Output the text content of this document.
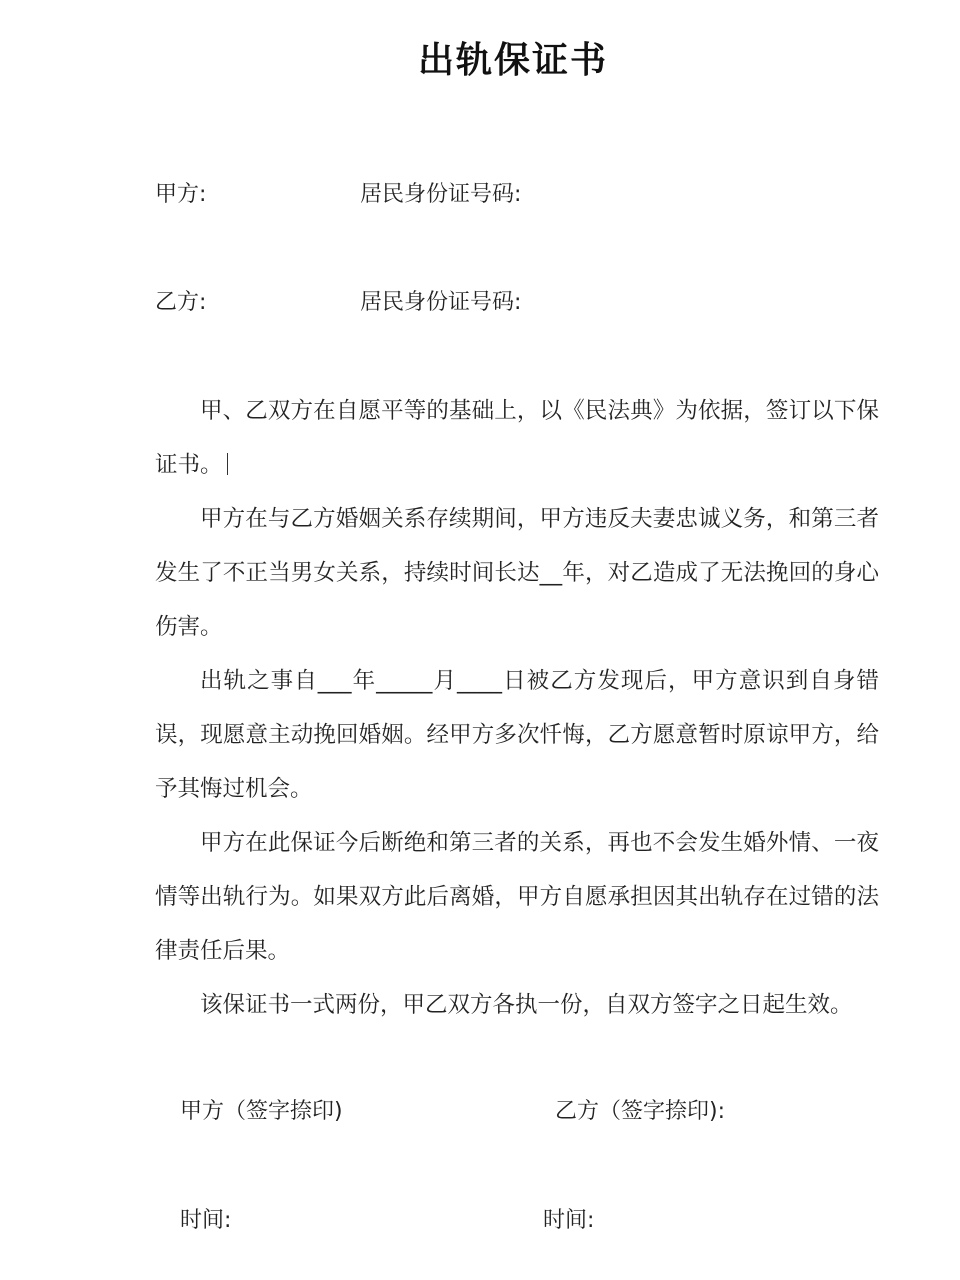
出轨保证书
甲方:	居民身份证号码:
乙方:	居民身份证号码:

甲、乙双方在自愿平等的基础上，以《民法典》为依据，签订以下保证书。

甲方在与乙方婚姻关系存续期间，甲方违反夫妻忠诚义务，和第三者发生了不正当男女关系，持续时间长达__年，对乙造成了无法挽回的身心伤害。

出轨之事自___年_____月____日被乙方发现后，甲方意识到自身错误，现愿意主动挽回婚姻。经甲方多次忏悔，乙方愿意暂时原谅甲方，给予其悔过机会。

甲方在此保证今后断绝和第三者的关系，再也不会发生婚外情、一夜情等出轨行为。如果双方此后离婚，甲方自愿承担因其出轨存在过错的法律责任后果。

该保证书一式两份，甲乙双方各执一份，自双方签字之日起生效。

甲方（签字捺印)	乙方（签字捺印):
时间:	时间:
